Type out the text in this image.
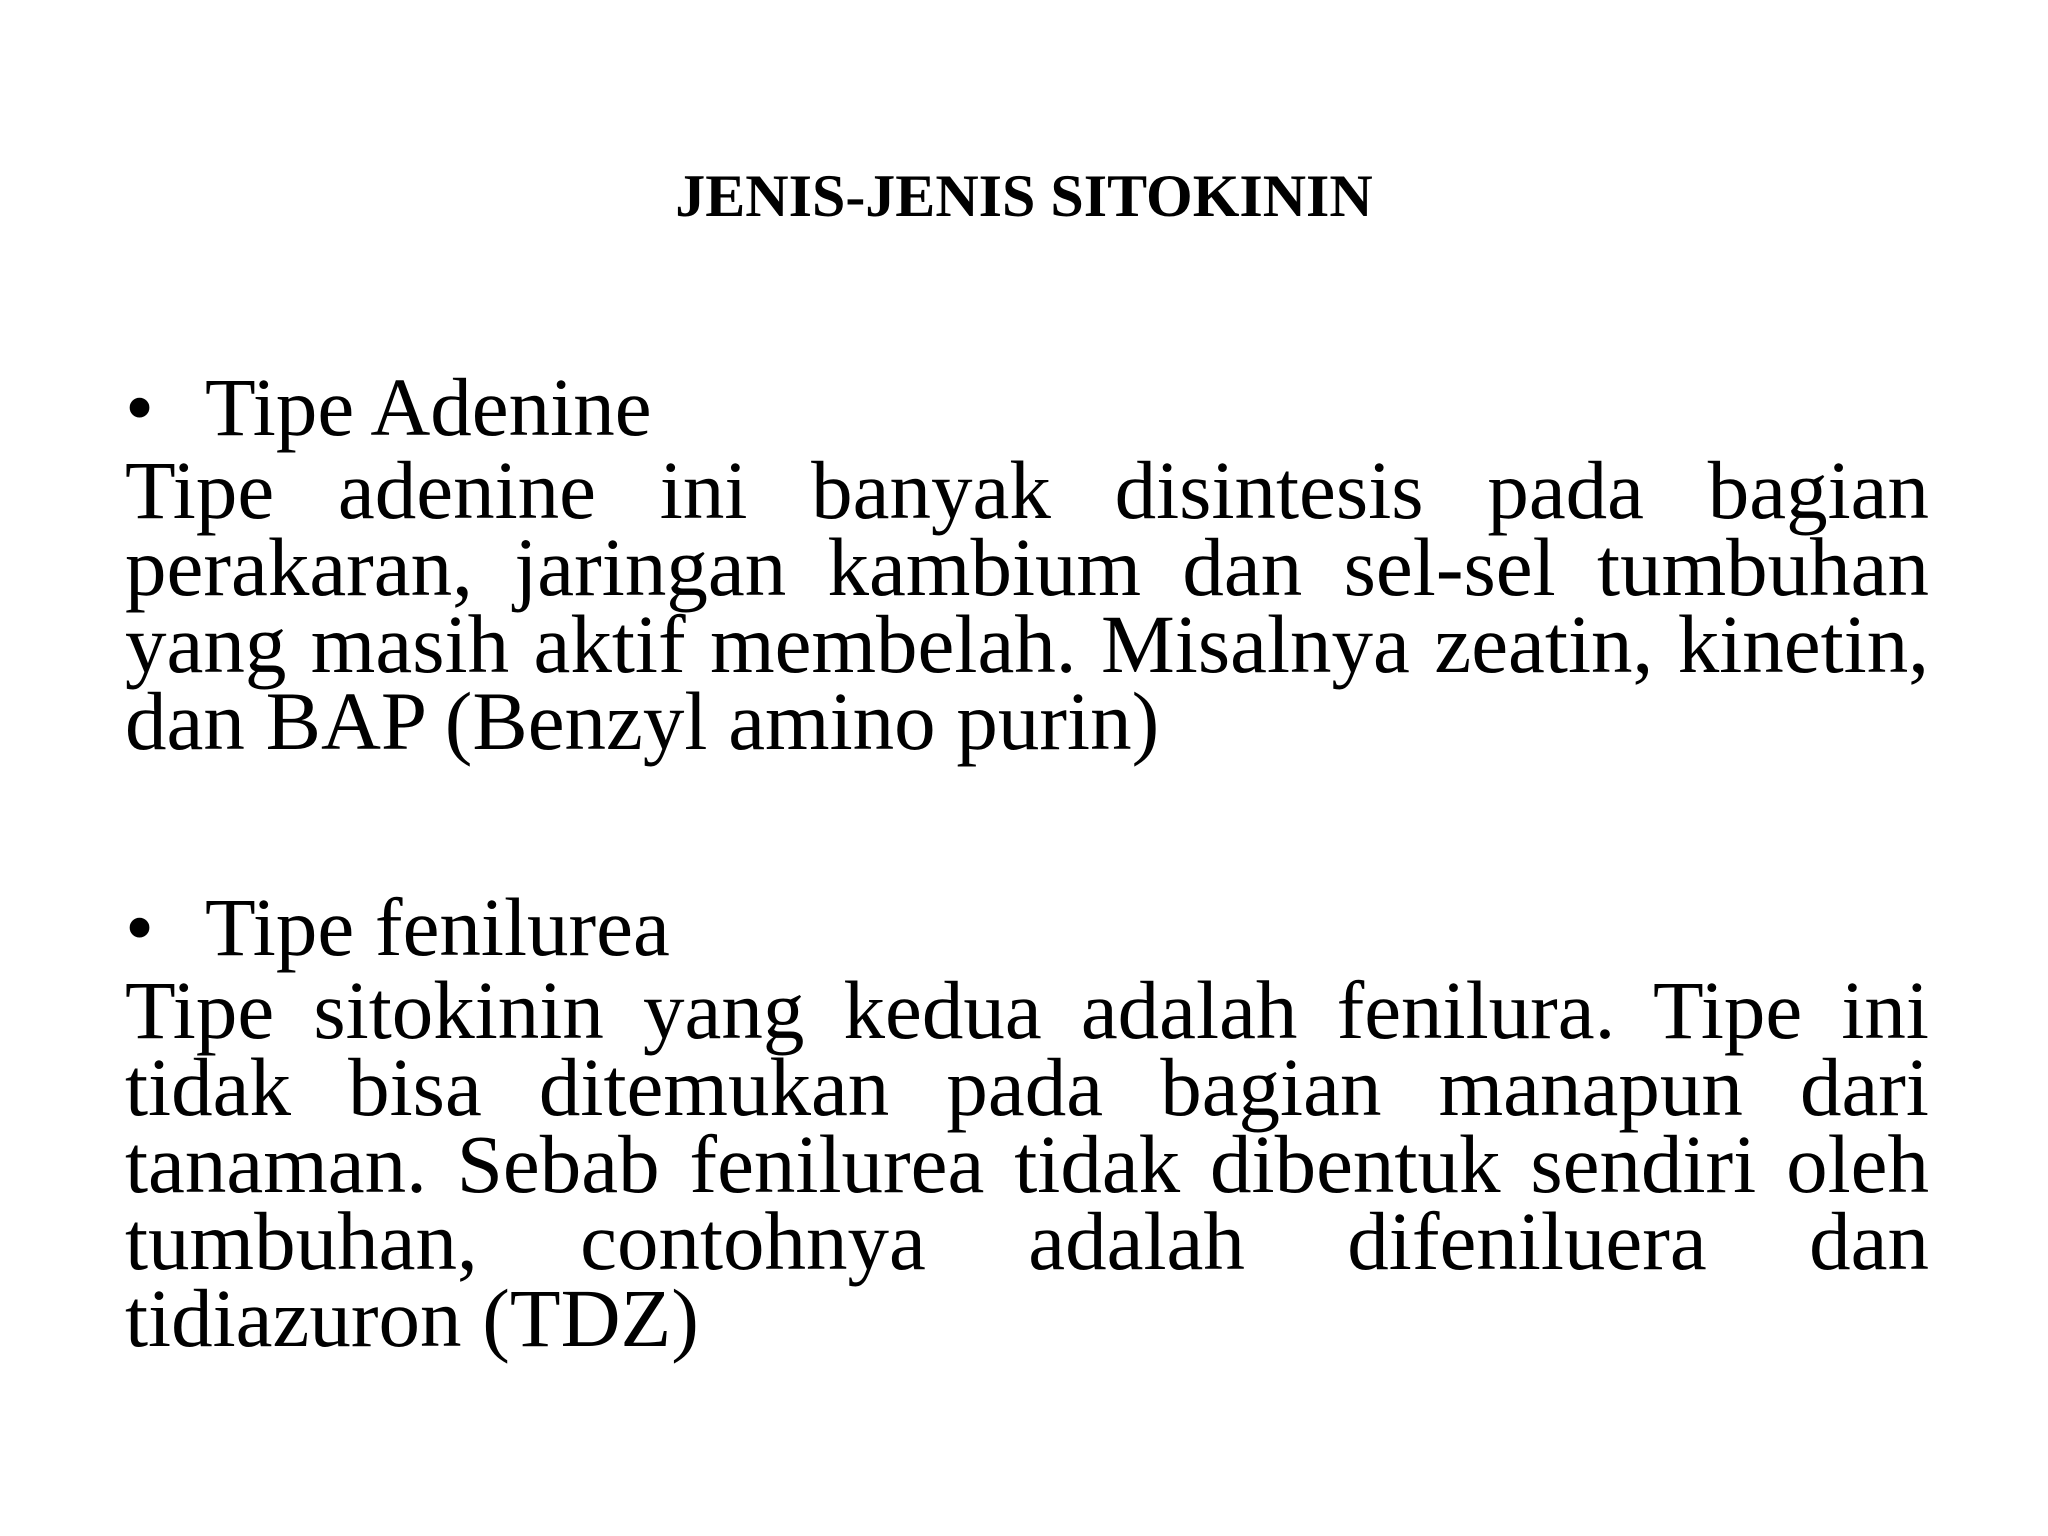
JENIS-JENIS SITOKININ
• Tipe Adenine

Tipe adenine ini banyak disintesis pada bagian perakaran, jaringan kambium dan sel-sel tumbuhan yang masih aktif membelah. Misalnya zeatin, kinetin, dan BAP (Benzyl amino purin)

• Tipe fenilurea

Tipe sitokinin yang kedua adalah fenilura. Tipe ini tidak bisa ditemukan pada bagian manapun dari tanaman. Sebab fenilurea tidak dibentuk sendiri oleh tumbuhan, contohnya adalah difeniluera dan tidiazuron (TDZ)
